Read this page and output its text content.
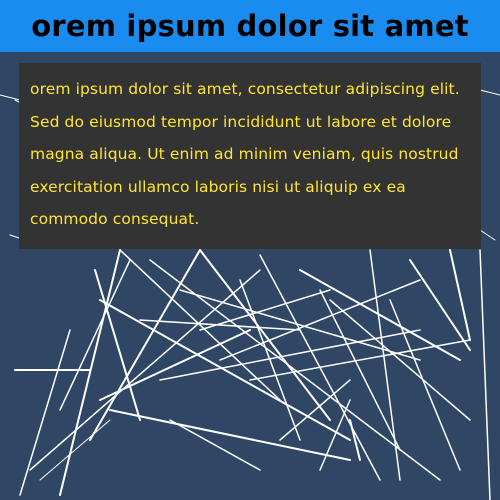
orem ipsum dolor sit amet

orem ipsum dolor sit amet, consectetur adipiscing elit. Sed do eiusmod tempor incididunt ut labore et dolore magna aliqua. Ut enim ad minim veniam, quis nostrud exercitation ullamco laboris nisi ut aliquip ex ea commodo consequat.
